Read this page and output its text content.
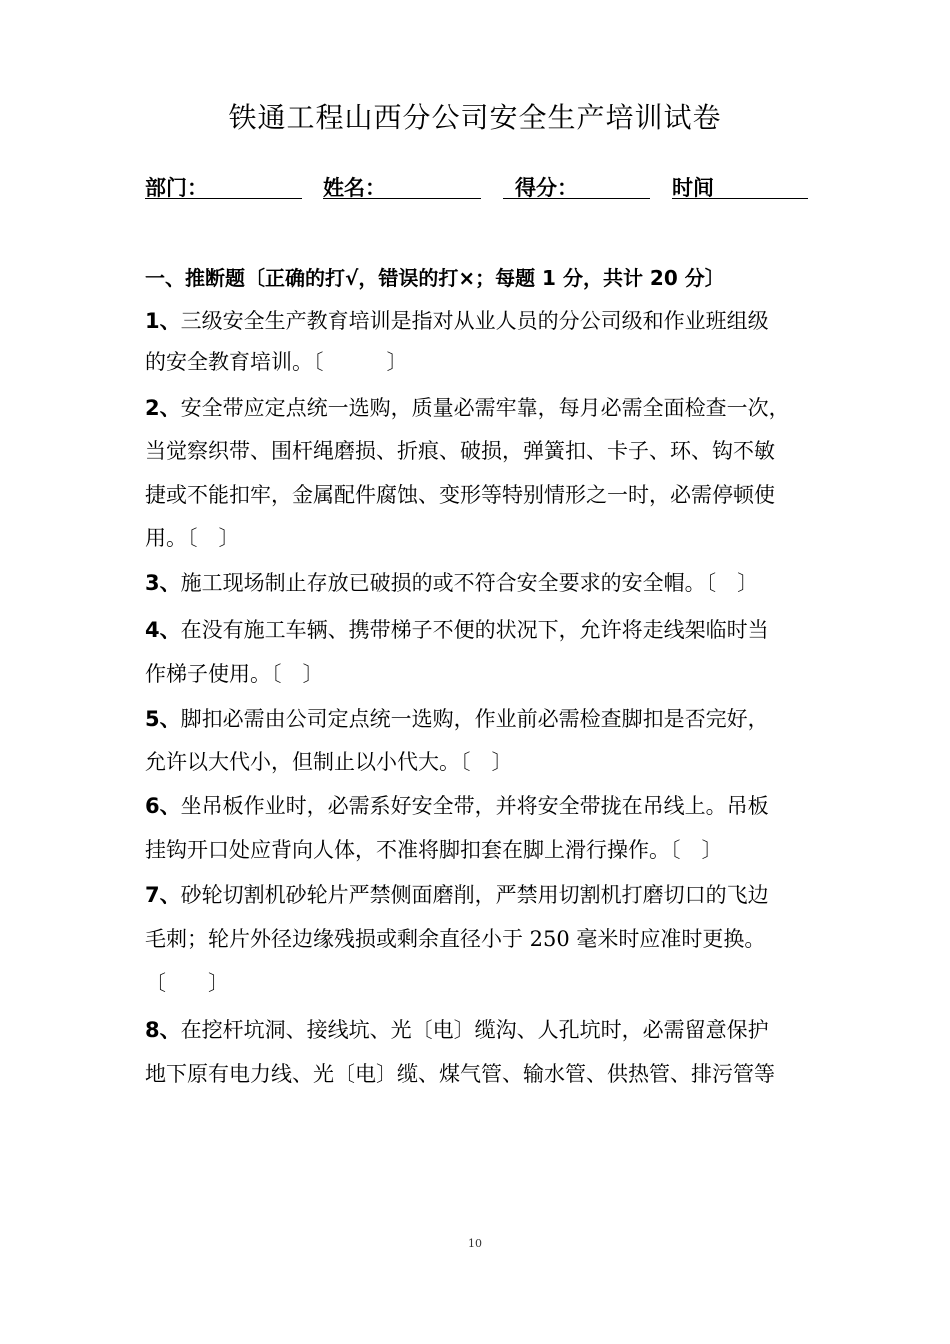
铁通工程山西分公司安全生产培训试卷
部门：	姓名：	得分：	时间
一、推断题〔正确的打√，错误的打×；每题 1 分，共计 20 分〕
1、三级安全生产教育培训是指对从业人员的分公司级和作业班组级
的安全教育培训。〔　　　〕
2、安全带应定点统一选购，质量必需牢靠，每月必需全面检查一次，
当觉察织带、围杆绳磨损、折痕、破损，弹簧扣、卡子、环、钩不敏
捷或不能扣牢，金属配件腐蚀、变形等特别情形之一时，必需停顿使
用。〔　〕
3、施工现场制止存放已破损的或不符合安全要求的安全帽。〔　〕
4、在没有施工车辆、携带梯子不便的状况下，允许将走线架临时当
作梯子使用。〔　〕
5、脚扣必需由公司定点统一选购，作业前必需检查脚扣是否完好，
允许以大代小，但制止以小代大。〔　〕
6、坐吊板作业时，必需系好安全带，并将安全带拢在吊线上。吊板
挂钩开口处应背向人体，不准将脚扣套在脚上滑行操作。〔　〕
7、砂轮切割机砂轮片严禁侧面磨削，严禁用切割机打磨切口的飞边
毛刺；轮片外径边缘残损或剩余直径小于 250 毫米时应准时更换。
〔　　〕
8、在挖杆坑洞、接线坑、光〔电〕缆沟、人孔坑时，必需留意保护
地下原有电力线、光〔电〕缆、煤气管、输水管、供热管、排污管等
10
